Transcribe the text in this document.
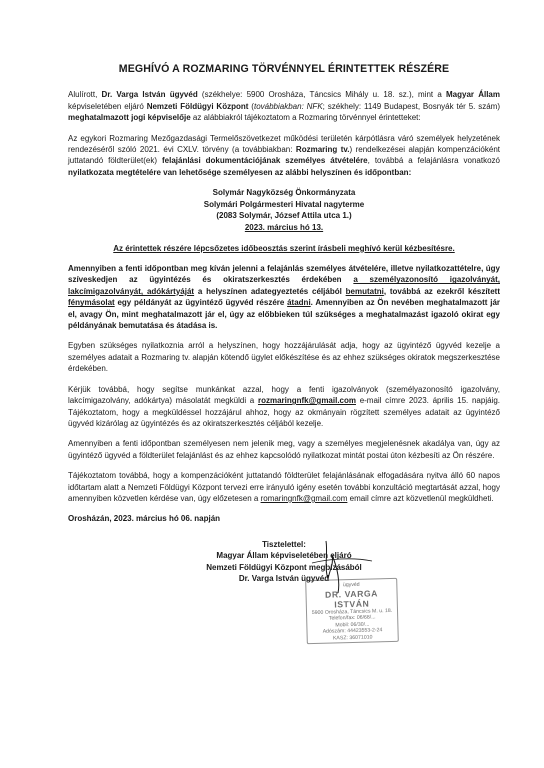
MEGHÍVÓ A ROZMARING TÖRVÉNNYEL ÉRINTETTEK RÉSZÉRE

Alulírott, Dr. Varga István ügyvéd (székhelye: 5900 Orosháza, Táncsics Mihály u. 18. sz.), mint a Magyar Állam képviseletében eljáró Nemzeti Földügyi Központ (továbbiakban: NFK; székhely: 1149 Budapest, Bosnyák tér 5. szám) meghatalmazott jogi képviselője az alábbiakról tájékoztatom a Rozmaring törvénnyel érintetteket:

Az egykori Rozmaring Mezőgazdasági Termelőszövetkezet működési területén kárpótlásra váró személyek helyzetének rendezéséről szóló 2021. évi CXLV. törvény (a továbbiakban: Rozmaring tv.) rendelkezései alapján kompenzációként juttatandó földterület(ek) felajánlási dokumentációjának személyes átvételére, továbbá a felajánlásra vonatkozó nyilatkozata megtételére van lehetősége személyesen az alábbi helyszínen és időpontban:

Solymár Nagyközség Önkormányzata
Solymári Polgármesteri Hivatal nagyterme
(2083 Solymár, József Attila utca 1.)
2023. március hó 13.
Az érintettek részére lépcsőzetes időbeosztás szerint írásbeli meghívó kerül kézbesítésre.

Amennyiben a fenti időpontban meg kíván jelenni a felajánlás személyes átvételére, illetve nyilatkozattételre, úgy szíveskedjen az ügyintézés és okiratszerkesztés érdekében a személyazonosító igazolványát, lakcímigazolványát, adókártyáját a helyszínen adategyeztetés céljából bemutatni, továbbá az ezekről készített fénymásolat egy példányát az ügyintéző ügyvéd részére átadni. Amennyiben az Ön nevében meghatalmazott jár el, avagy Ön, mint meghatalmazott jár el, úgy az előbbieken túl szükséges a meghatalmazást igazoló okirat egy példányának bemutatása és átadása is.

Egyben szükséges nyilatkoznia arról a helyszínen, hogy hozzájárulását adja, hogy az ügyintéző ügyvéd kezelje a személyes adatait a Rozmaring tv. alapján kötendő ügylet előkészítése és az ehhez szükséges okiratok megszerkesztése érdekében.

Kérjük továbbá, hogy segítse munkánkat azzal, hogy a fenti igazolványok (személyazonosító igazolvány, lakcímigazolvány, adókártya) másolatát megküldi a rozmaringnfk@gmail.com e-mail címre 2023. április 15. napjáig. Tájékoztatom, hogy a megküldéssel hozzájárul ahhoz, hogy az okmányain rögzített személyes adatait az ügyintéző ügyvéd kizárólag az ügyintézés és az okiratszerkesztés céljából kezelje.

Amennyiben a fenti időpontban személyesen nem jelenik meg, vagy a személyes megjelenésnek akadálya van, úgy az ügyintéző ügyvéd a földterület felajánlást és az ehhez kapcsolódó nyilatkozat mintát postai úton kézbesíti az Ön részére.

Tájékoztatom továbbá, hogy a kompenzációként juttatandó földterület felajánlásának elfogadására nyitva álló 60 napos időtartam alatt a Nemzeti Földügyi Központ tervezi erre irányuló igény esetén további konzultáció megtartását azzal, hogy amennyiben közvetlen kérdése van, úgy előzetesen a romaringnfk@gmail.com email címre azt közvetlenül megküldheti.

Orosházán, 2023. március hó 06. napján
Tisztelettel:
Magyar Állam képviseletében eljáró
Nemzeti Földügyi Központ megbízásából
Dr. Varga István ügyvéd
ügyvéd
DR. VARGA ISTVÁN
5900 Orosháza, Táncsics M. u. 18.
Telefon/fax: 06/68/...
Mobil: 06/30/...
Adószám: 44423553-2-24
KASZ: 36071010
